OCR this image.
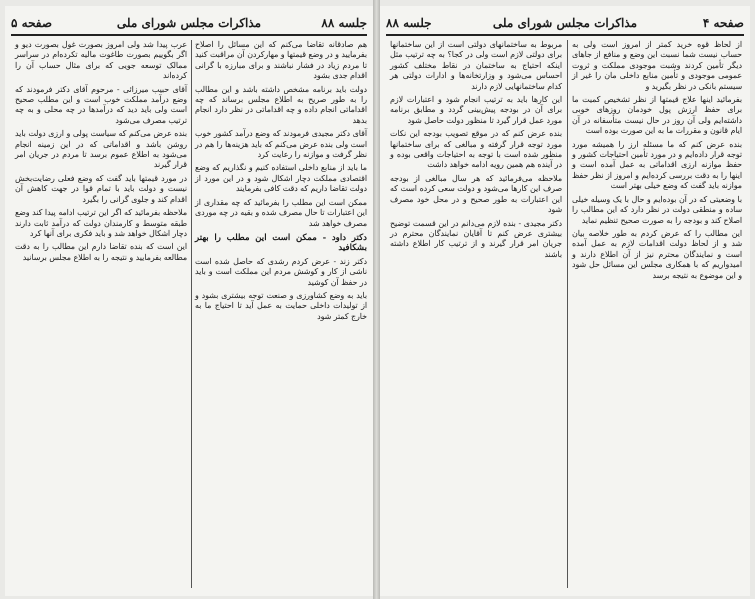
صفحه ۴
مذاکرات مجلس شورای ملی
جلسه ۸۸

از لحاظ قوه خرید کمتر از امروز است ولی به حساب نیست شما نسبت این وضع و منافع از جاهای دیگر تأمین کردند وشبت موجودی مملکت و ثروت عمومی موجودی و تأمین منابع داخلی مان را غیر از سیستم بانکی در نظر بگیرید و

بفرمائید اینها علاج قیمتها از نظر تشخیص کمیت ما برای حفظ ارزش پول خودمان روزهای خوبی داشته‌ایم ولی آن روز در حال نیست متأسفانه در آن ایام قانون و مقررات ما به این صورت بوده است

بنده عرض کنم که ما مسئله ارز را همیشه مورد توجه قرار داده‌ایم و در مورد تأمین احتیاجات کشور و حفظ موازنه ارزی اقداماتی به عمل آمده است و اینها را به دقت بررسی کرده‌ایم و امروز از نظر حفظ موازنه باید گفت که وضع خیلی بهتر است

با وضعیتی که در آن بوده‌ایم و حال با یک وسیله خیلی ساده و منطقی دولت در نظر دارد که این مطالب را اصلاح کند و بودجه را به صورت صحیح تنظیم نماید

این مطالب را که عرض کردم به طور خلاصه بیان شد و از لحاظ دولت اقدامات لازم به عمل آمده است و نمایندگان محترم نیز از آن اطلاع دارند و امیدواریم که با همکاری مجلس این مسائل حل شود و این موضوع به نتیجه برسد

مربوط به ساختمانهای دولتی است از این ساختمانها برای دولتی لازم است ولی در کجا؟ به چه ترتیب مثل اینکه احتیاج به ساختمان در نقاط مختلف کشور احساس می‌شود و وزارتخانه‌ها و ادارات دولتی هر کدام ساختمانهایی لازم دارند

این کارها باید به ترتیب انجام شود و اعتبارات لازم برای آن در بودجه پیش‌بینی گردد و مطابق برنامه مورد عمل قرار گیرد تا منظور دولت حاصل شود

بنده عرض کنم که در موقع تصویب بودجه این نکات مورد توجه قرار گرفته و مبالغی که برای ساختمانها منظور شده است با توجه به احتیاجات واقعی بوده و در آینده هم همین رویه ادامه خواهد داشت

ملاحظه می‌فرمائید که هر سال مبالغی از بودجه صرف این کارها می‌شود و دولت سعی کرده است که این اعتبارات به طور صحیح و در محل خود مصرف شود

دکتر مجیدی - بنده لازم می‌دانم در این قسمت توضیح بیشتری عرض کنم تا آقایان نمایندگان محترم در جریان امر قرار گیرند و از ترتیب کار اطلاع داشته باشند

جلسه ۸۸
مذاکرات مجلس شورای ملی
صفحه ۵

هم صادقانه تقاضا می‌کنم که این مسائل را اصلاح بفرمایید و در وضع قیمتها و مهارکردن آن مراقبت کنید تا مردم زیاد در فشار نباشند و برای مبارزه با گرانی اقدام جدی بشود

دولت باید برنامه مشخص داشته باشد و این مطالب را به طور صریح به اطلاع مجلس برساند که چه اقداماتی انجام داده و چه اقداماتی در نظر دارد انجام بدهد

آقای دکتر مجیدی فرمودند که وضع درآمد کشور خوب است ولی بنده عرض می‌کنم که باید هزینه‌ها را هم در نظر گرفت و موازنه را رعایت کرد

ما باید از منابع داخلی استفاده کنیم و نگذاریم که وضع اقتصادی مملکت دچار اشکال شود و در این مورد از دولت تقاضا داریم که دقت کافی بفرمایند

ممکن است این مطلب را بفرمائید که چه مقداری از این اعتبارات تا حال مصرف شده و بقیه در چه موردی مصرف خواهد شد

دکتر داود - ممکن است این مطلب را بهتر بشکافید

دکتر زند - عرض کردم رشدی که حاصل شده است ناشی از کار و کوشش مردم این مملکت است و باید در حفظ آن کوشید

باید به وضع کشاورزی و صنعت توجه بیشتری بشود و از تولیدات داخلی حمایت به عمل آید تا احتیاج ما به خارج کمتر شود

عرب پیدا شد ولی امروز بصورت غول بصورت دیو و اگر بگوییم بصورت طاغوت مالیه تکرده‌ام در سراسر ممالک توسعه جویی که برای مثال حساب آن را کرده‌اند

آقای حبیب میرزائی - مرحوم آقای دکتر فرمودند که وضع درآمد مملکت خوب است و این مطلب صحیح است ولی باید دید که درآمدها در چه محلی و به چه ترتیب مصرف می‌شود

بنده عرض می‌کنم که سیاست پولی و ارزی دولت باید روشن باشد و اقداماتی که در این زمینه انجام می‌شود به اطلاع عموم برسد تا مردم در جریان امر قرار گیرند

در مورد قیمتها باید گفت که وضع فعلی رضایت‌بخش نیست و دولت باید با تمام قوا در جهت کاهش آن اقدام کند و جلوی گرانی را بگیرد

ملاحظه بفرمائید که اگر این ترتیب ادامه پیدا کند وضع طبقه متوسط و کارمندان دولت که درآمد ثابت دارند دچار اشکال خواهد شد و باید فکری برای آنها کرد

این است که بنده تقاضا دارم این مطالب را به دقت مطالعه بفرمایید و نتیجه را به اطلاع مجلس برسانید
